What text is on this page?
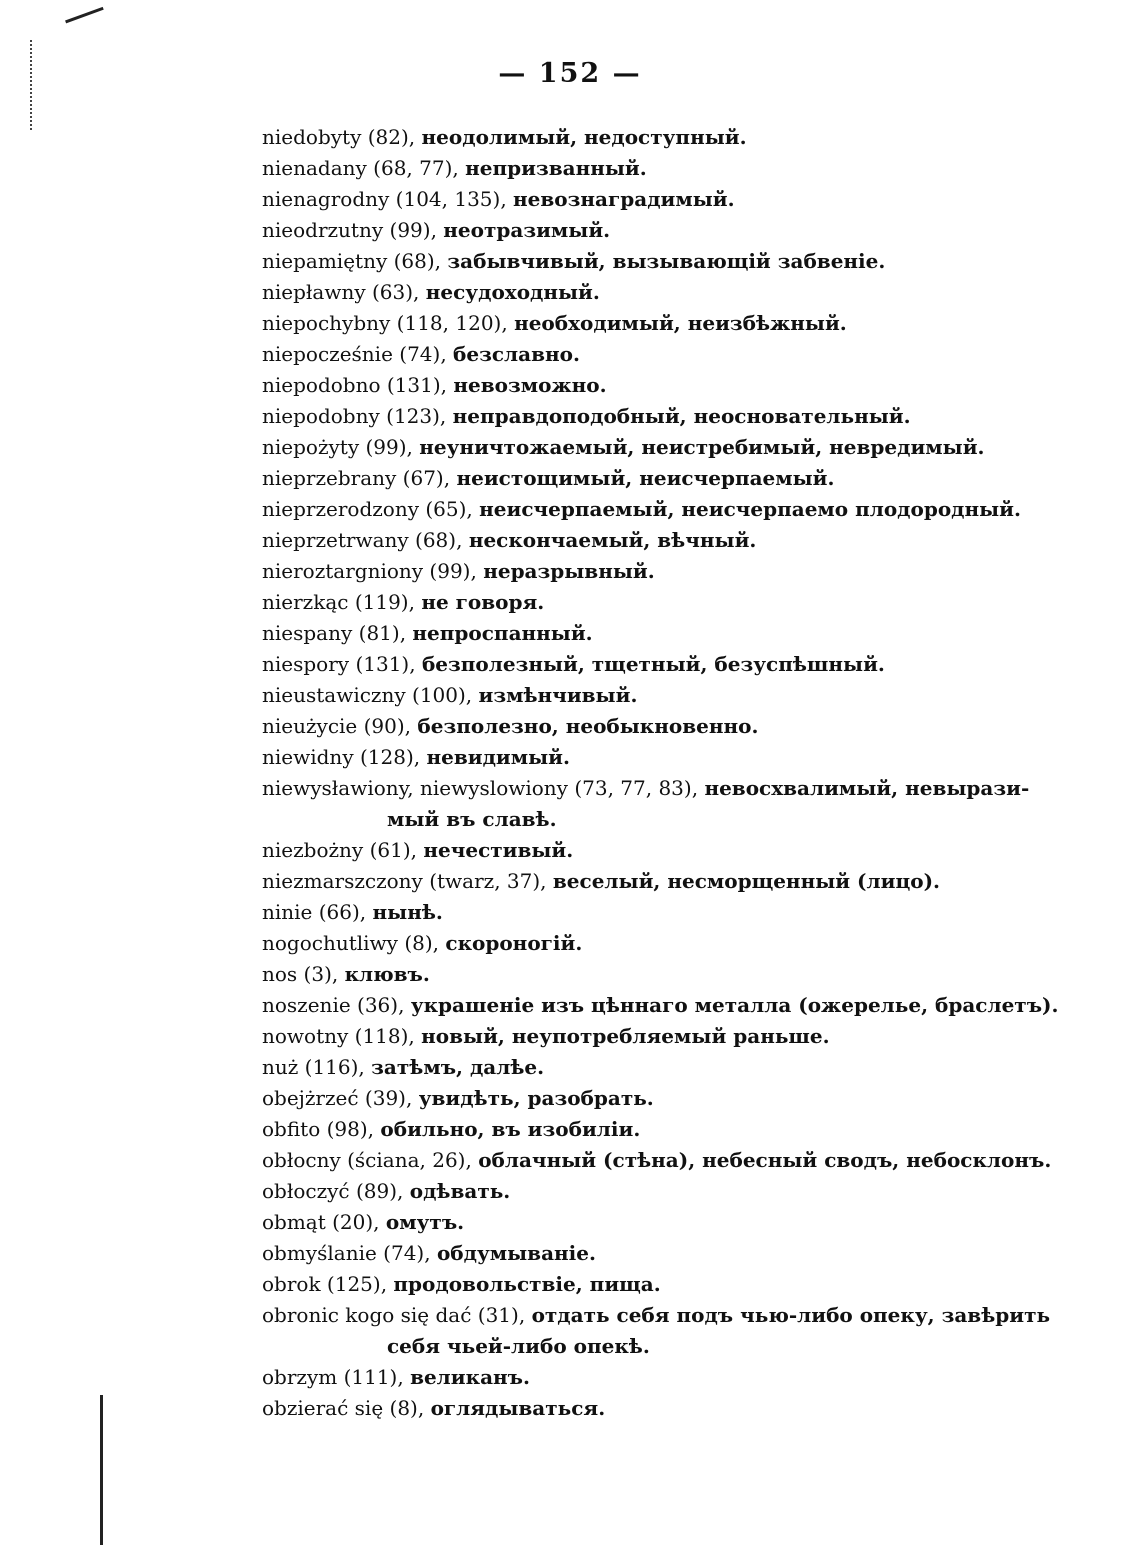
— 152 —
niedobyty (82), неодолимый, недоступный.
nienadany (68, 77), непризванный.
nienagrodny (104, 135), невознаградимый.
nieodrzutny (99), неотразимый.
niepamiętny (68), забывчивый, вызывающій забвеніе.
niepławny (63), несудоходный.
niepochybny (118, 120), необходимый, неизбѣжный.
niepocześnie (74), безславно.
niepodobno (131), невозможно.
niepodobny (123), неправдоподобный, неосновательный.
niepożyty (99), неуничтожаемый, неистребимый, невредимый.
nieprzebrany (67), неистощимый, неисчерпаемый.
nieprzerodzony (65), неисчерпаемый, неисчерпаемо плодородный.
nieprzetrwany (68), нескончаемый, вѣчный.
nieroztargniony (99), неразрывный.
nierzkąc (119), не говоря.
niespany (81), непроспанный.
niespory (131), безполезный, тщетный, безуспѣшный.
nieustawiczny (100), измѣнчивый.
nieużycie (90), безполезно, необыкновенно.
niewidny (128), невидимый.
niewysławiony, niewyslowiony (73, 77, 83), невосхвалимый, невырази-
мый въ славѣ.
niezbożny (61), нечестивый.
niezmarszczony (twarz, 37), веселый, несморщенный (лицо).
ninie (66), нынѣ.
nogochutliwy (8), скороногій.
nos (3), клювъ.
noszenie (36), украшеніе изъ цѣннаго металла (ожерелье, браслетъ).
nowotny (118), новый, неупотребляемый раньше.
nuż (116), затѣмъ, далѣе.
obejżrzeć (39), увидѣть, разобрать.
obfito (98), обильно, въ изобиліи.
obłocny (ściana, 26), облачный (стѣна), небесный сводъ, небосклонъ.
obłoczyć (89), одѣвать.
obmąt (20), омутъ.
obmyślanie (74), обдумываніе.
obrok (125), продовольствіе, пища.
obronic kogo się dać (31), отдать себя подъ чью-либо опеку, завѣрить
себя чьей-либо опекѣ.
obrzym (111), великанъ.
obzierać się (8), оглядываться.
